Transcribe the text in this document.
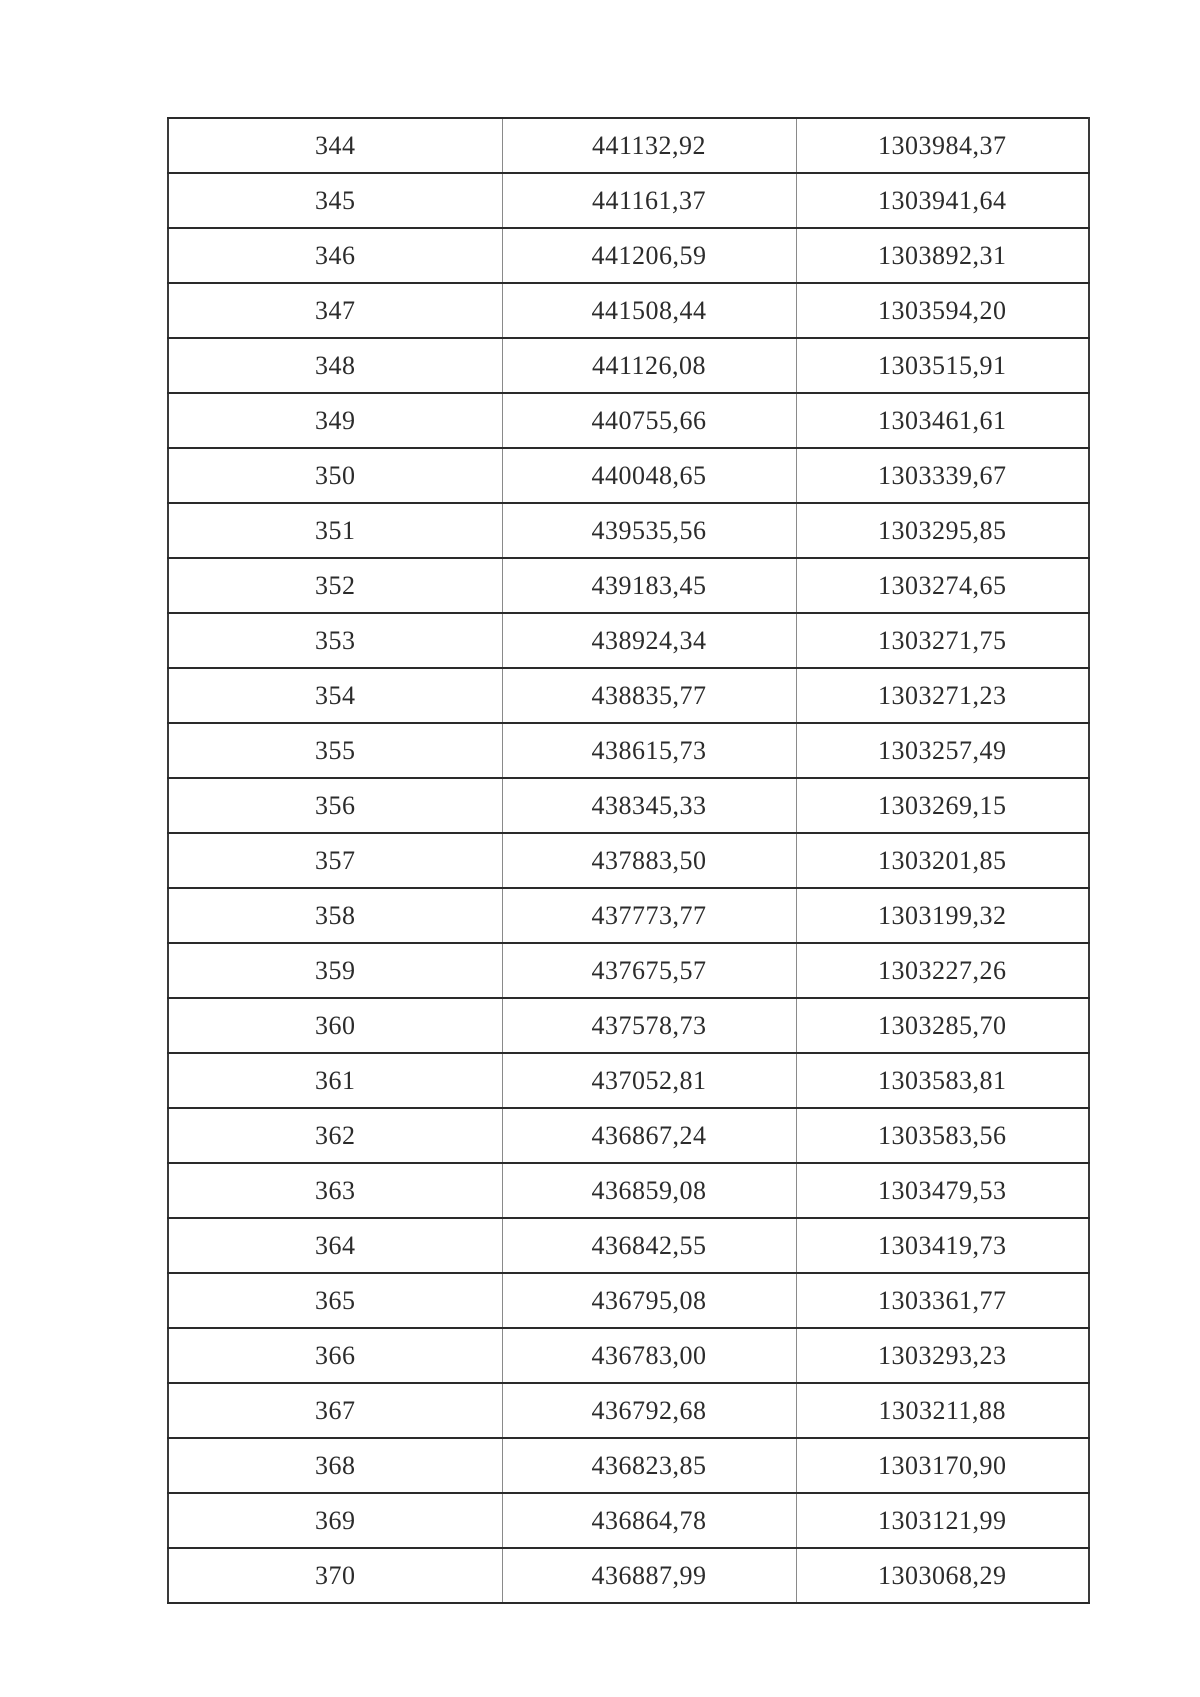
344	441132,92	1303984,37
345	441161,37	1303941,64
346	441206,59	1303892,31
347	441508,44	1303594,20
348	441126,08	1303515,91
349	440755,66	1303461,61
350	440048,65	1303339,67
351	439535,56	1303295,85
352	439183,45	1303274,65
353	438924,34	1303271,75
354	438835,77	1303271,23
355	438615,73	1303257,49
356	438345,33	1303269,15
357	437883,50	1303201,85
358	437773,77	1303199,32
359	437675,57	1303227,26
360	437578,73	1303285,70
361	437052,81	1303583,81
362	436867,24	1303583,56
363	436859,08	1303479,53
364	436842,55	1303419,73
365	436795,08	1303361,77
366	436783,00	1303293,23
367	436792,68	1303211,88
368	436823,85	1303170,90
369	436864,78	1303121,99
370	436887,99	1303068,29
